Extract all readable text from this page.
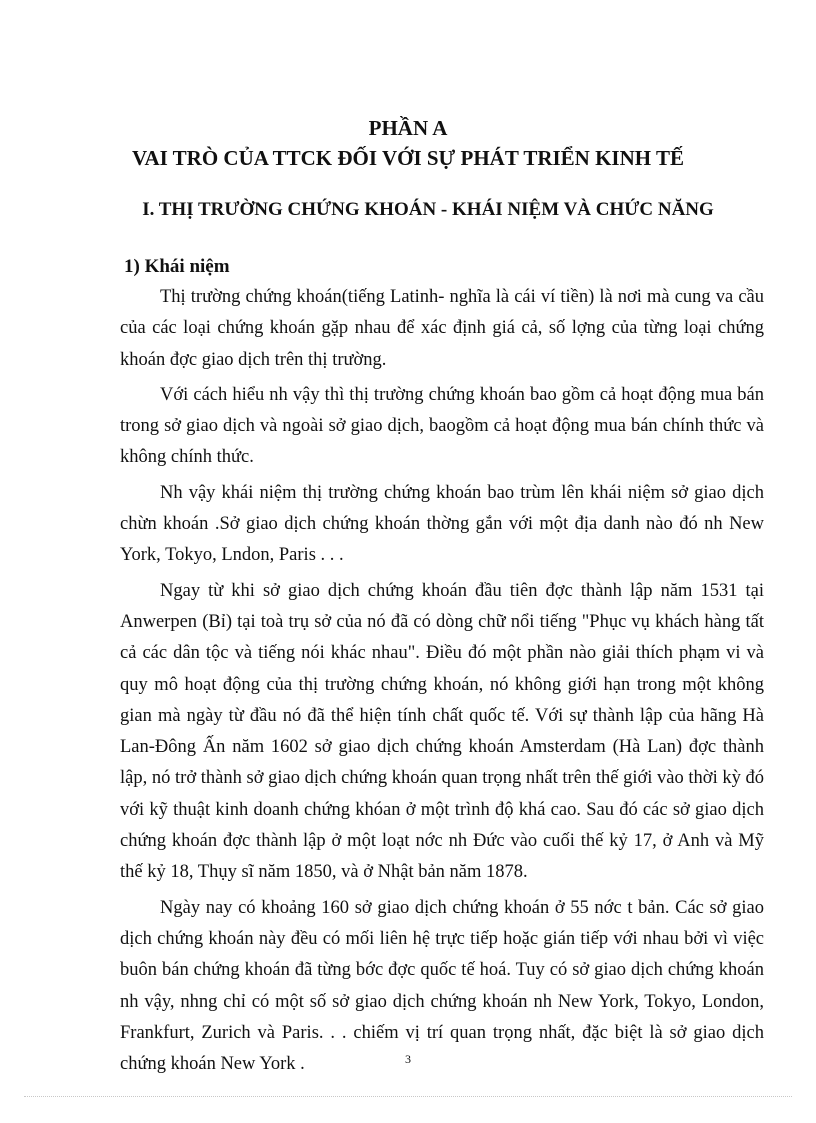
PHẦN A
VAI TRÒ CỦA TTCK ĐỐI VỚI SỰ PHÁT TRIỂN KINH TẾ
I. THỊ TRƯỜNG CHỨNG KHOÁN - KHÁI NIỆM VÀ CHỨC NĂNG
1) Khái niệm

Thị trường chứng khoán(tiếng Latinh- nghĩa là cái ví tiền) là nơi mà cung va cầu của các loại chứng khoán gặp nhau để xác định giá cả, số lợng của từng loại chứng khoán đợc giao dịch trên thị trường.

Với cách hiểu nh vậy thì thị trường chứng khoán bao gồm cả hoạt động mua bán trong sở giao dịch và ngoài sở giao dịch, baogồm cả hoạt động mua bán chính thức và không chính thức.

Nh vậy khái niệm thị trường chứng khoán bao trùm lên khái niệm sở giao dịch chừn khoán .Sở giao dịch chứng khoán thờng gắn với một địa danh nào đó nh New York, Tokyo, Lndon, Paris . . .

Ngay từ khi sở giao dịch chứng khoán đầu tiên đợc thành lập năm 1531 tại Anwerpen (Bỉ) tại toà trụ sở của nó đã có dòng chữ nổi tiếng "Phục vụ khách hàng tất cả các dân tộc và tiếng nói khác nhau". Điều đó một phần nào giải thích phạm vi và quy mô hoạt động của thị trường chứng khoán, nó không giới hạn trong một không gian mà ngày từ đầu nó đã thể hiện tính chất quốc tế. Với sự thành lập của hãng Hà Lan-Đông Ấn năm 1602 sở giao dịch chứng khoán Amsterdam (Hà Lan) đợc thành lập, nó trở thành sở giao dịch chứng khoán quan trọng nhất trên thế giới vào thời kỳ đó với kỹ thuật kinh doanh chứng khóan ở một trình độ khá cao. Sau đó các sở giao dịch chứng khoán đợc thành lập ở một loạt nớc nh Đức vào cuối thế kỷ 17, ở Anh và Mỹ thế kỷ 18, Thụy sĩ năm 1850, và ở Nhật bản năm 1878.

Ngày nay có khoảng 160 sở giao dịch chứng khoán ở 55 nớc t bản. Các sở giao dịch chứng khoán này đều có mối liên hệ trực tiếp hoặc gián tiếp với nhau bởi vì việc buôn bán chứng khoán đã từng bớc đợc quốc tế hoá. Tuy có sở giao dịch chứng khoán nh vậy, nhng chỉ có một số sở giao dịch chứng khoán nh New York, Tokyo, London, Frankfurt, Zurich và Paris. . . chiếm vị trí quan trọng nhất, đặc biệt là sở giao dịch chứng khoán New York .	3
